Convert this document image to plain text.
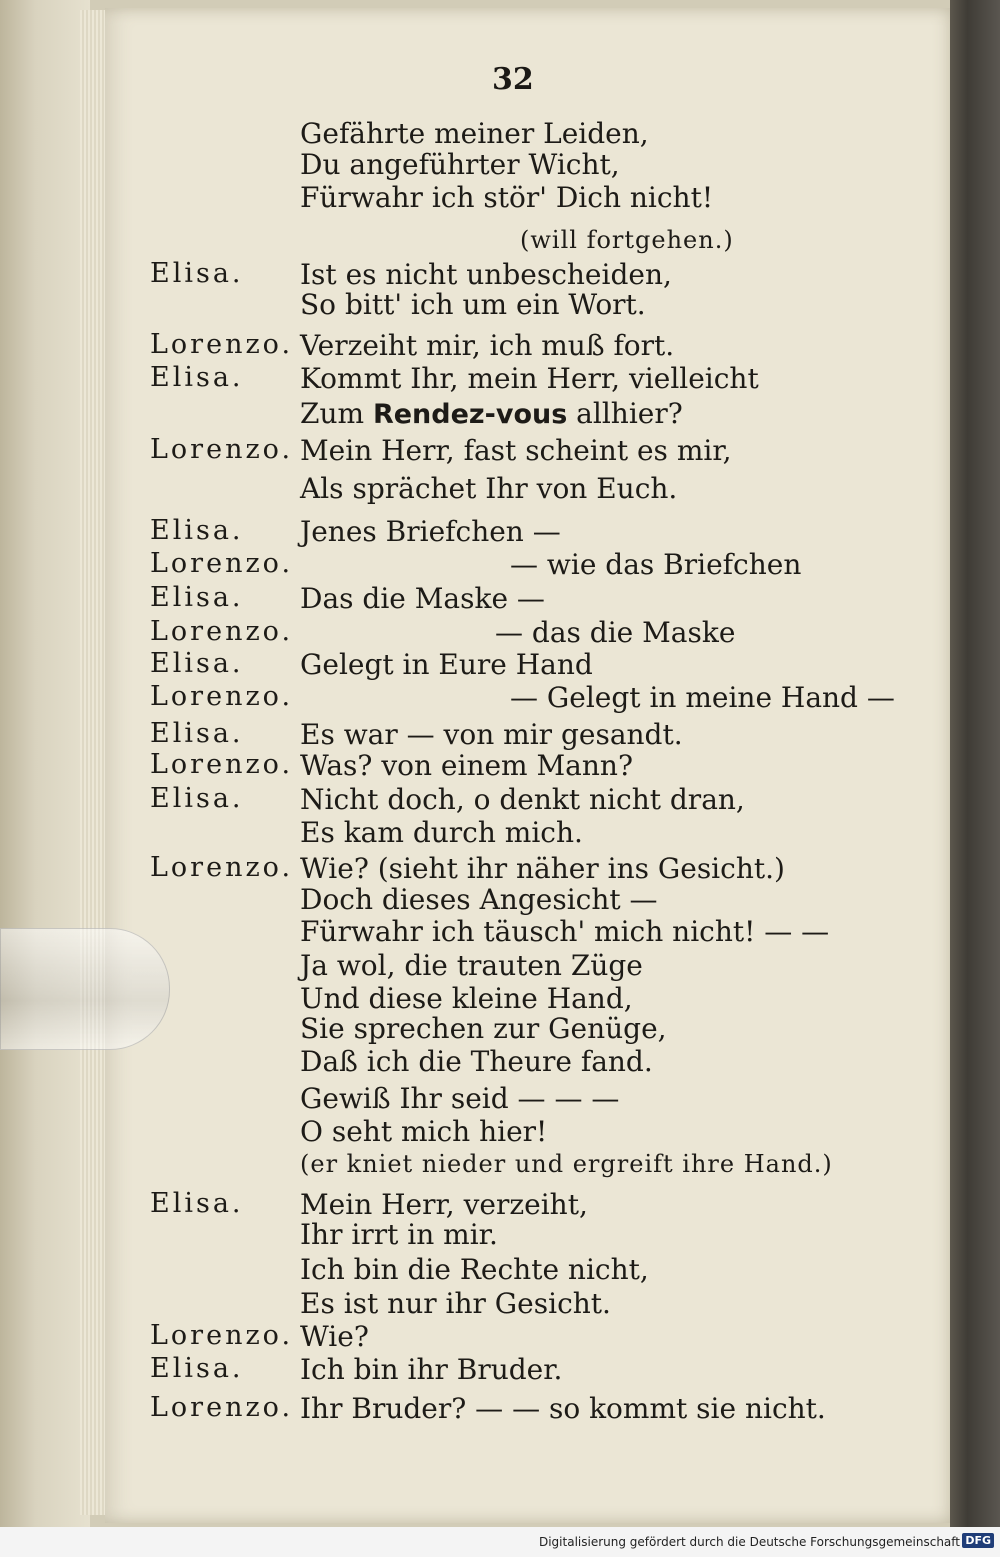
32
Gefährte meiner Leiden,
Du angeführter Wicht,
Fürwahr ich stör' Dich nicht!
(will fortgehen.)
Elisa. Ist es nicht unbescheiden,
So bitt' ich um ein Wort.
Lorenzo. Verzeiht mir, ich muß fort.
Elisa. Kommt Ihr, mein Herr, vielleicht
Zum Rendez-vous allhier?
Lorenzo. Mein Herr, fast scheint es mir,
Als sprächet Ihr von Euch.
Elisa. Jenes Briefchen —
Lorenzo.	— wie das Briefchen
Elisa. Das die Maske —
Lorenzo.	— das die Maske
Elisa. Gelegt in Eure Hand
Lorenzo.	— Gelegt in meine Hand —
Elisa. Es war — von mir gesandt.
Lorenzo. Was? von einem Mann?
Elisa. Nicht doch, o denkt nicht dran,
Es kam durch mich.
Lorenzo. Wie? (sieht ihr näher ins Gesicht.)
Doch dieses Angesicht —
Fürwahr ich täusch' mich nicht! — —
Ja wol, die trauten Züge
Und diese kleine Hand,
Sie sprechen zur Genüge,
Daß ich die Theure fand.
Gewiß Ihr seid — — —
O seht mich hier!
(er kniet nieder und ergreift ihre Hand.)
Elisa. Mein Herr, verzeiht,
Ihr irrt in mir.
Ich bin die Rechte nicht,
Es ist nur ihr Gesicht.
Lorenzo. Wie?
Elisa. Ich bin ihr Bruder.
Lorenzo. Ihr Bruder? — — so kommt sie nicht.
Digitalisierung gefördert durch die Deutsche Forschungsgemeinschaft DFG
